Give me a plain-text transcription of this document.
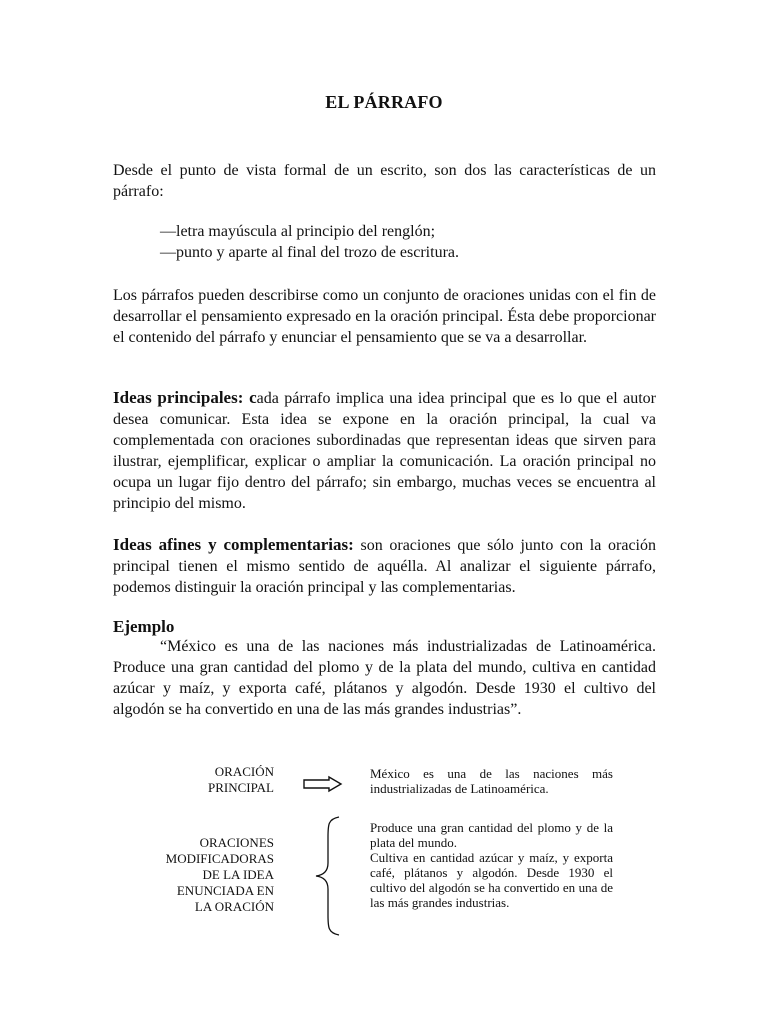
EL PÁRRAFO
Desde el punto de vista formal de un escrito, son dos las características de un párrafo:
—letra mayúscula al principio del renglón;
—punto y aparte al final del trozo de escritura.
Los párrafos pueden describirse como un conjunto de oraciones unidas con el fin de desarrollar el pensamiento expresado en la oración principal. Ésta debe proporcionar el contenido del párrafo y enunciar el pensamiento que se va a desarrollar.
Ideas principales: cada párrafo implica una idea principal que es lo que el autor desea comunicar. Esta idea se expone en la oración principal, la cual va complementada con oraciones subordinadas que representan ideas que sirven para ilustrar, ejemplificar, explicar o ampliar la comunicación. La oración principal no ocupa un lugar fijo dentro del párrafo; sin embargo, muchas veces se encuentra al principio del mismo.
Ideas afines y complementarias: son oraciones que sólo junto con la oración principal tienen el mismo sentido de aquélla. Al analizar el siguiente párrafo, podemos distinguir la oración principal y las complementarias.
Ejemplo
“México es una de las naciones más industrializadas de Latinoamérica. Produce una gran cantidad del plomo y de la plata del mundo, cultiva en cantidad azúcar y maíz, y exporta café, plátanos y algodón. Desde 1930 el cultivo del algodón se ha convertido en una de las más grandes industrias”.
ORACIÓN
PRINCIPAL
México es una de las naciones más industrializadas de Latinoamérica.
ORACIONES
MODIFICADORAS
DE LA IDEA
ENUNCIADA EN
LA ORACIÓN
Produce una gran cantidad del plomo y de la plata del mundo.
Cultiva en cantidad azúcar y maíz, y exporta café, plátanos y algodón. Desde 1930 el cultivo del algodón se ha convertido en una de las más grandes industrias.
